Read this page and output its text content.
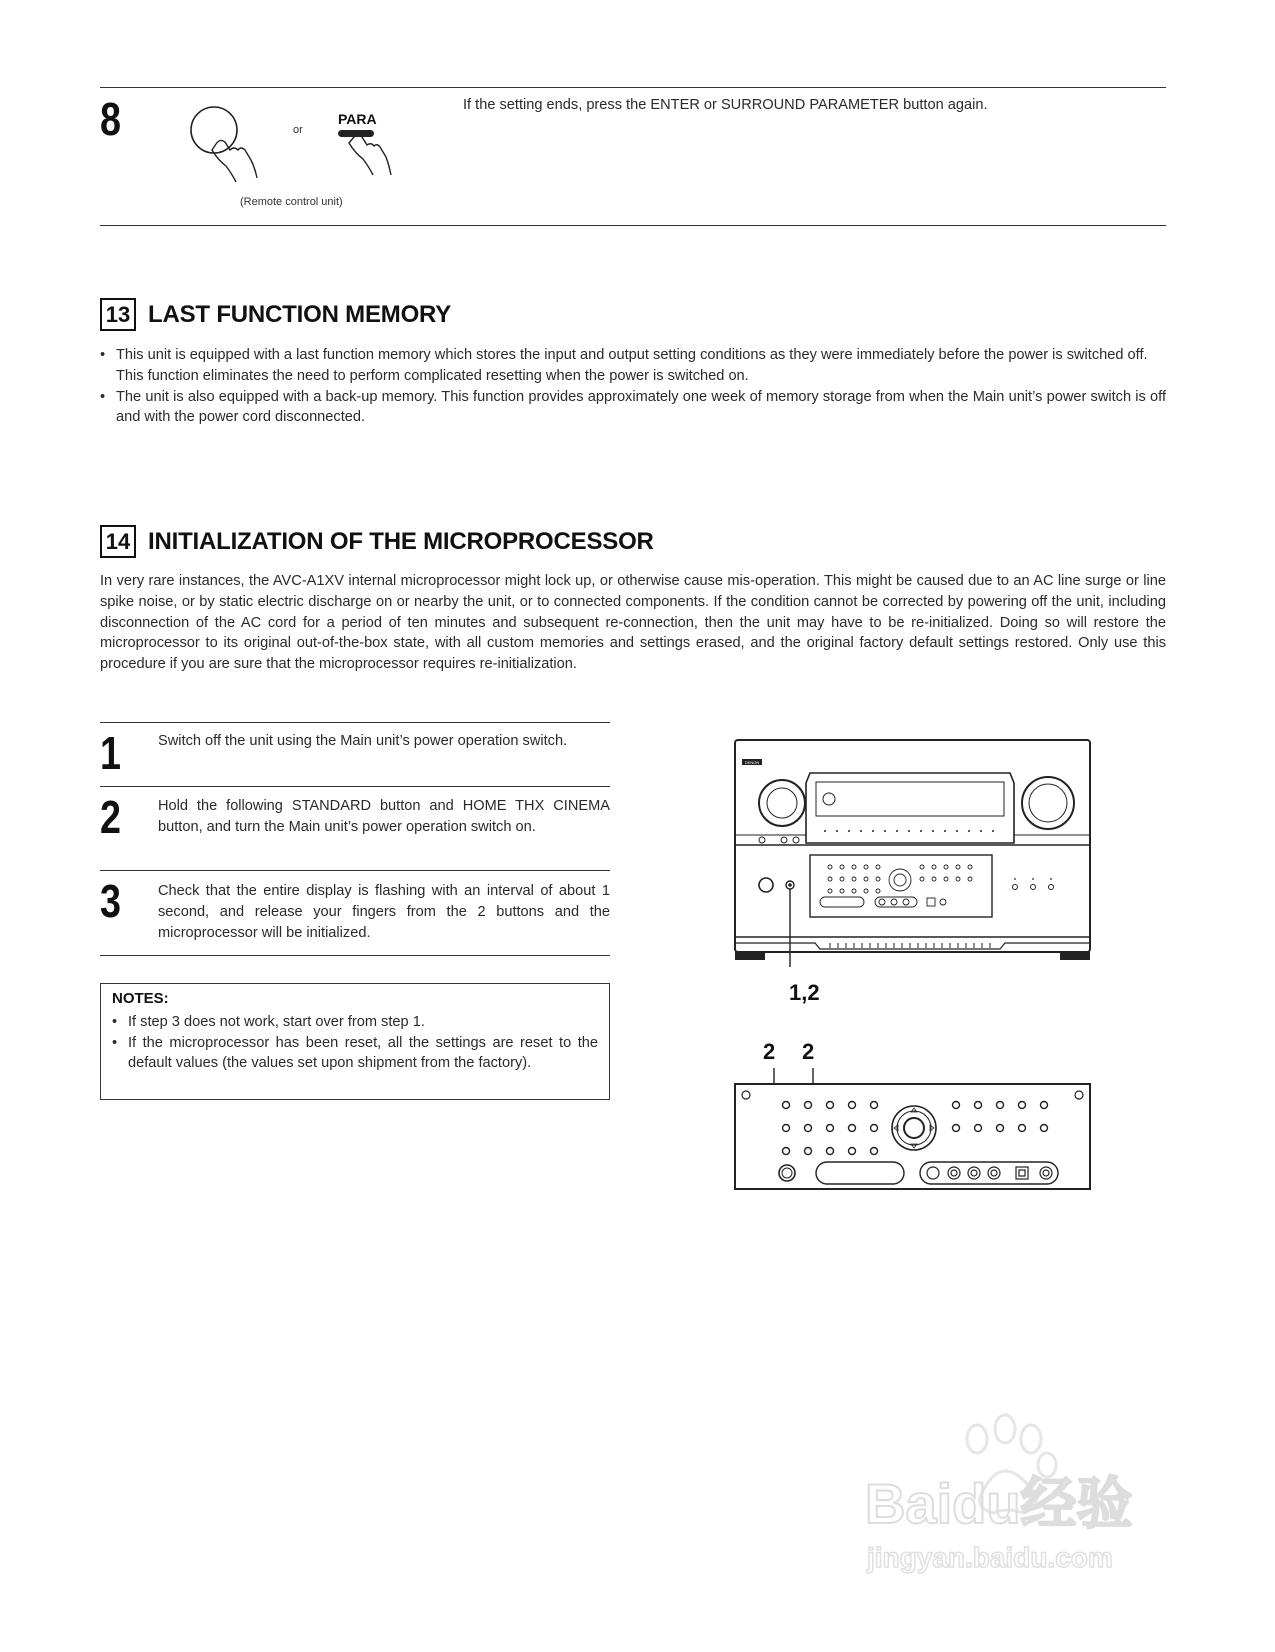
8	or
PARA
(Remote control unit)
If the setting ends, press the ENTER or SURROUND PARAMETER button again.
13 LAST FUNCTION MEMORY
• This unit is equipped with a last function memory which stores the input and output setting conditions as they were immediately before the power is switched off.
This function eliminates the need to perform complicated resetting when the power is switched on.
• The unit is also equipped with a back-up memory. This function provides approximately one week of memory storage from when the Main unit’s power switch is off and with the power cord disconnected.
14 INITIALIZATION OF THE MICROPROCESSOR
In very rare instances, the AVC-A1XV internal microprocessor might lock up, or otherwise cause mis-operation. This might be caused due to an AC line surge or line spike noise, or by static electric discharge on or nearby the unit, or to connected components. If the condition cannot be corrected by powering off the unit, including disconnection of the AC cord for a period of ten minutes and subsequent re-connection, then the unit may have to be re-initialized. Doing so will restore the microprocessor to its original out-of-the-box state, with all custom memories and settings erased, and the original factory default settings restored. Only use this procedure if you are sure that the microprocessor requires re-initialization.
1	Switch off the unit using the Main unit’s power operation switch.
2	Hold the following STANDARD button and HOME THX CINEMA button, and turn the Main unit’s power operation switch on.
3	Check that the entire display is flashing with an interval of about 1 second, and release your fingers from the 2 buttons and the microprocessor will be initialized.
NOTES:
• If step 3 does not work, start over from step 1.
• If the microprocessor has been reset, all the settings are reset to the default values (the values set upon shipment from the factory).
DENON
1,2
2 2
Baidu经验
jingyan.baidu.com
